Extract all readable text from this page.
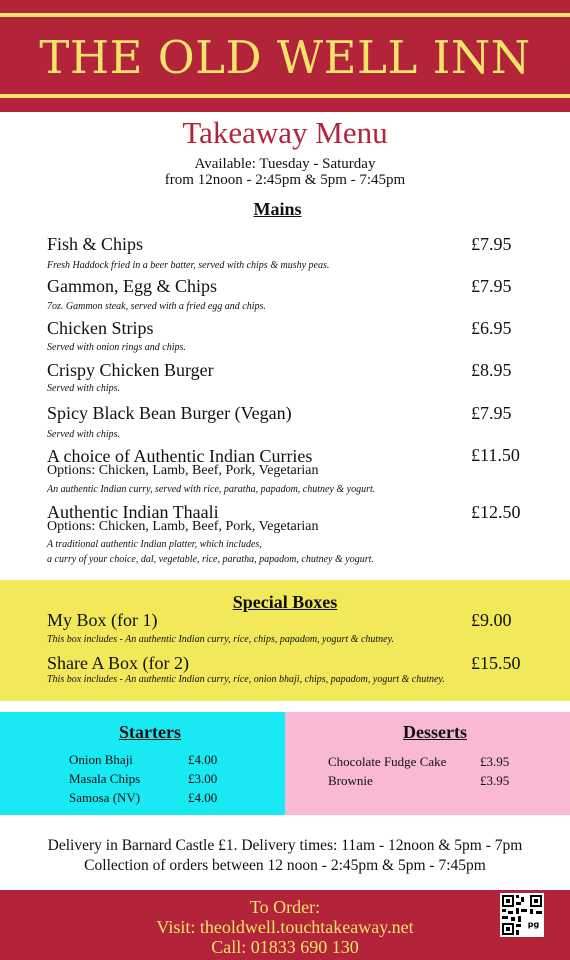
THE OLD WELL INN
Takeaway Menu
Available: Tuesday - Saturday
from 12noon - 2:45pm & 5pm - 7:45pm
Mains
Fish & Chips	£7.95
Fresh Haddock fried in a beer batter, served with chips & mushy peas.
Gammon, Egg & Chips	£7.95
7oz. Gammon steak, served with a fried egg and chips.
Chicken Strips	£6.95
Served with onion rings and chips.
Crispy Chicken Burger	£8.95
Served with chips.
Spicy Black Bean Burger (Vegan)	£7.95
Served with chips.
A choice of Authentic Indian Curries	£11.50
Options: Chicken, Lamb, Beef, Pork, Vegetarian
An authentic Indian curry, served with rice, paratha, papadom, chutney & yogurt.
Authentic Indian Thaali	£12.50
Options: Chicken, Lamb, Beef, Pork, Vegetarian
A traditional authentic Indian platter, which includes,
a curry of your choice, dal, vegetable, rice, paratha, papadom, chutney & yogurt.
Special Boxes
My Box (for 1)	£9.00
This box includes - An authentic Indian curry, rice, chips, papadom, yogurt & chutney.
Share A Box (for 2)	£15.50
This box includes - An authentic Indian curry, rice, onion bhaji, chips, papadom, yogurt & chutney.
Starters
Onion Bhaji	£4.00
Masala Chips	£3.00
Samosa (NV)	£4.00
Desserts
Chocolate Fudge Cake	£3.95
Brownie	£3.95
Delivery in Barnard Castle £1. Delivery times: 11am - 12noon & 5pm - 7pm
Collection of orders between 12 noon - 2:45pm & 5pm - 7:45pm
To Order:
Visit: theoldwell.touchtakeaway.net
Call: 01833 690 130
pg
